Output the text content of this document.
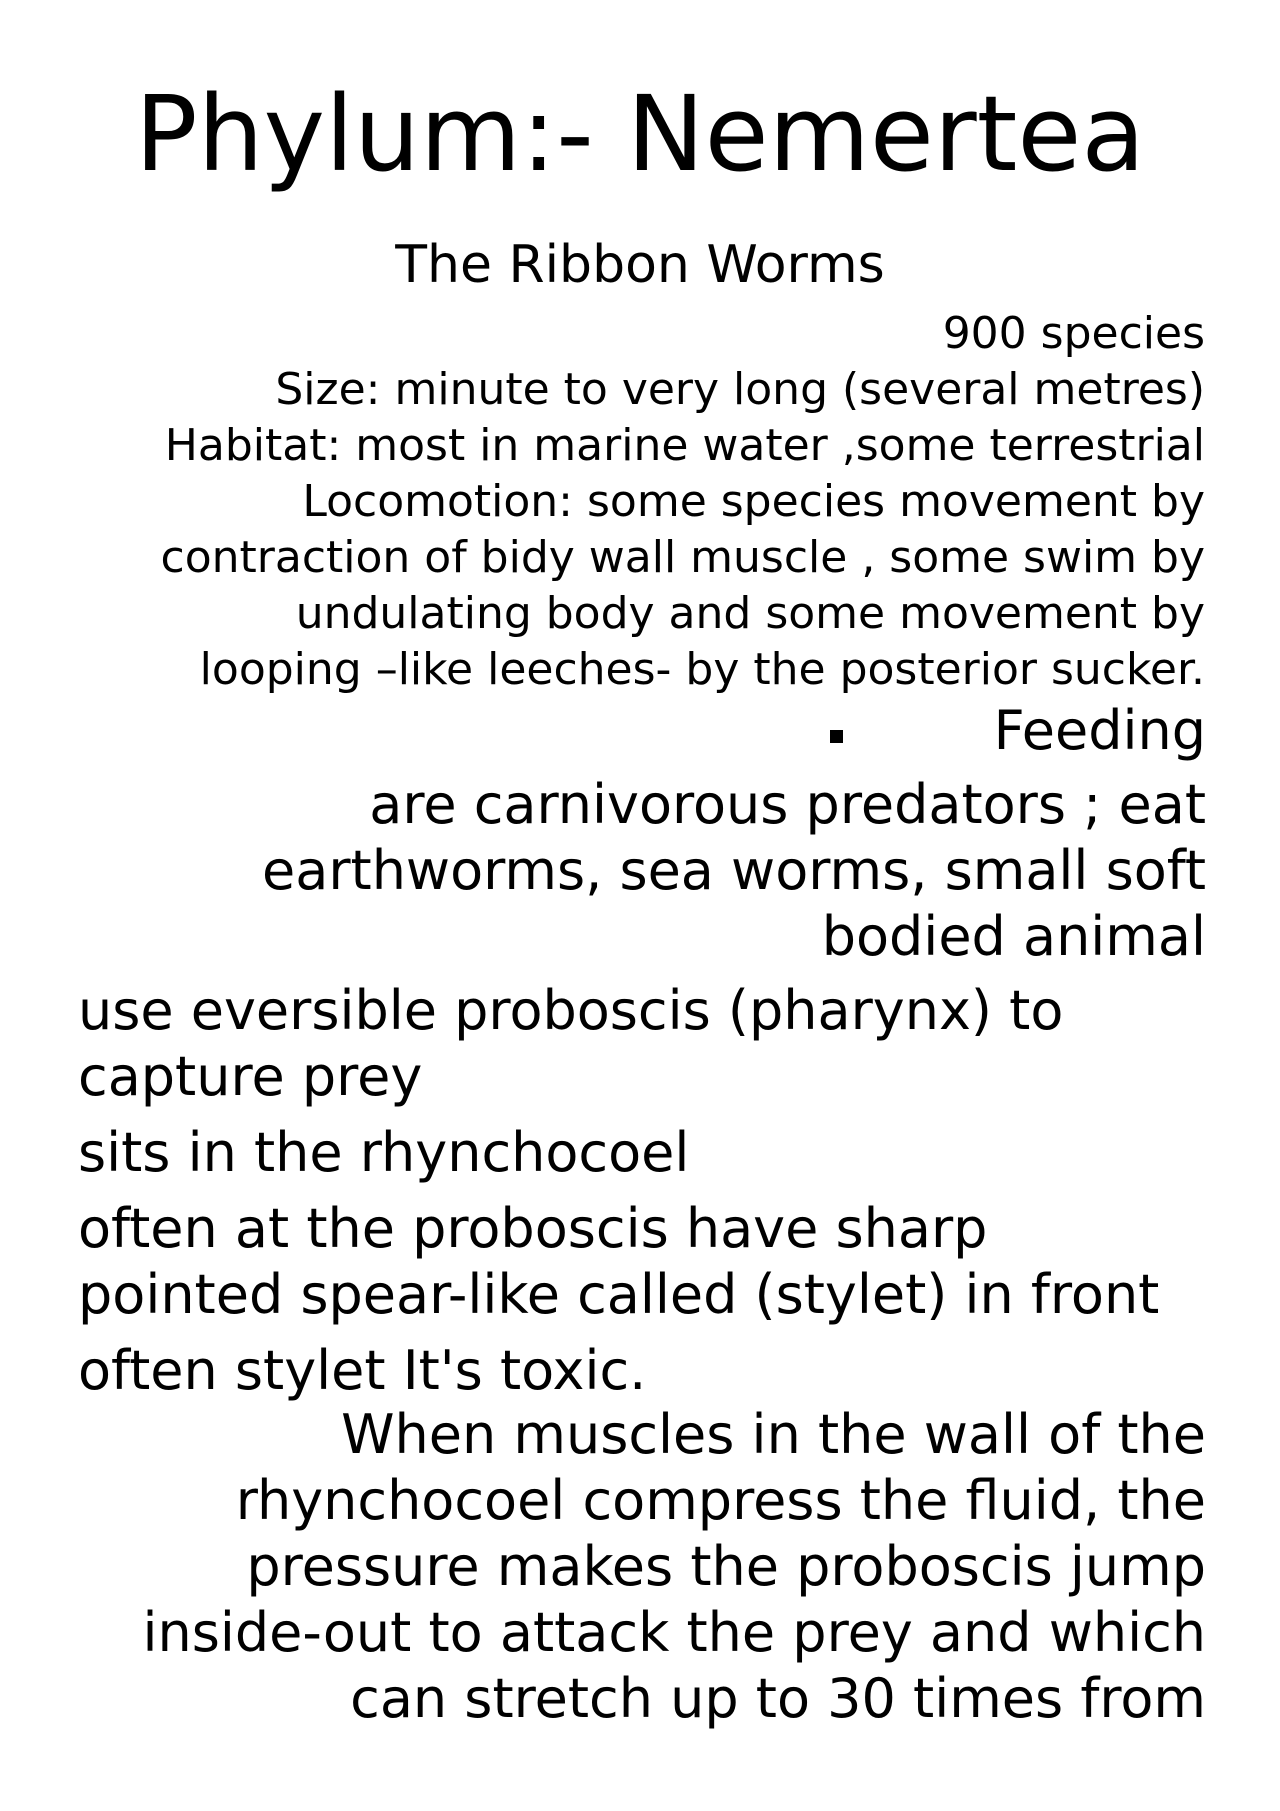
Phylum:- Nemertea
The Ribbon Worms
900 species
Size: minute to very long (several metres)
Habitat: most in marine water ,some terrestrial
Locomotion: some species movement by
contraction of bidy wall muscle , some swim by
undulating body and some movement by
looping –like leeches- by the posterior sucker.
Feeding
are carnivorous predators ; eat
earthworms, sea worms, small soft
bodied animal
use eversible proboscis (pharynx) to
capture prey
sits in the rhynchocoel
often at the proboscis have sharp
pointed spear-like called (stylet) in front
often stylet It's toxic.
When muscles in the wall of the
rhynchocoel compress the fluid, the
pressure makes the proboscis jump
inside-out to attack the prey and which
can stretch up to 30 times from
